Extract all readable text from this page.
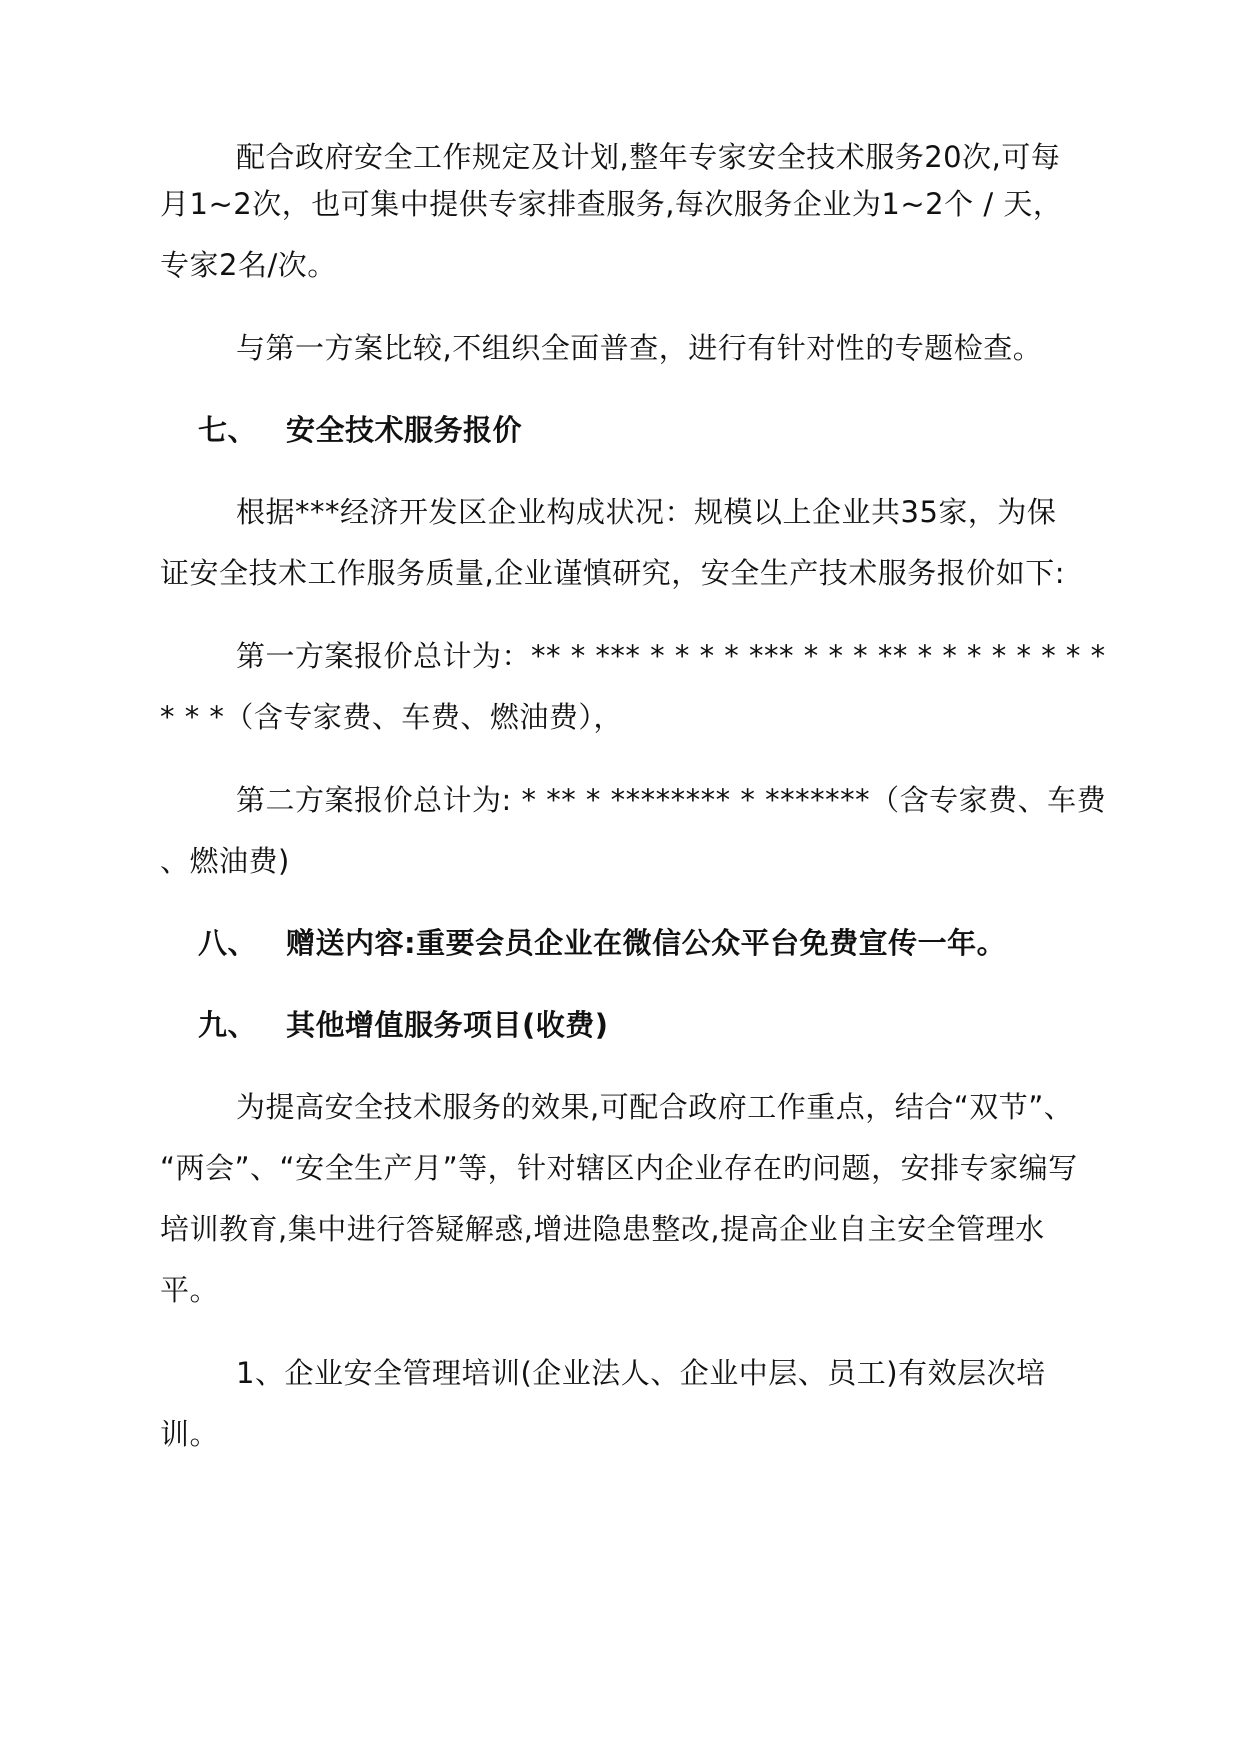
配合政府安全工作规定及计划,整年专家安全技术服务20次,可每
月1~2次，也可集中提供专家排查服务,每次服务企业为1~2个 / 天，
专家2名/次。
与第一方案比较,不组织全面普查，进行有针对性的专题检查。
七、 安全技术服务报价
根据***经济开发区企业构成状况：规模以上企业共35家，为保
证安全技术工作服务质量,企业谨慎研究，安全生产技术服务报价如下:
第一方案报价总计为：** * *** * * * * *** * * * ** * * * * * * * *
* * *（含专家费、车费、燃油费），
第二方案报价总计为: * ** * ******** * *******（含专家费、车费
、燃油费)
八、 赠送内容:重要会员企业在微信公众平台免费宣传一年。
九、 其他增值服务项目(收费)
为提高安全技术服务的效果,可配合政府工作重点，结合“双节”、
“两会”、“安全生产月”等，针对辖区内企业存在旳问题，安排专家编写
培训教育,集中进行答疑解惑,增进隐患整改,提高企业自主安全管理水
平。
1、企业安全管理培训(企业法人、企业中层、员工)有效层次培
训。
